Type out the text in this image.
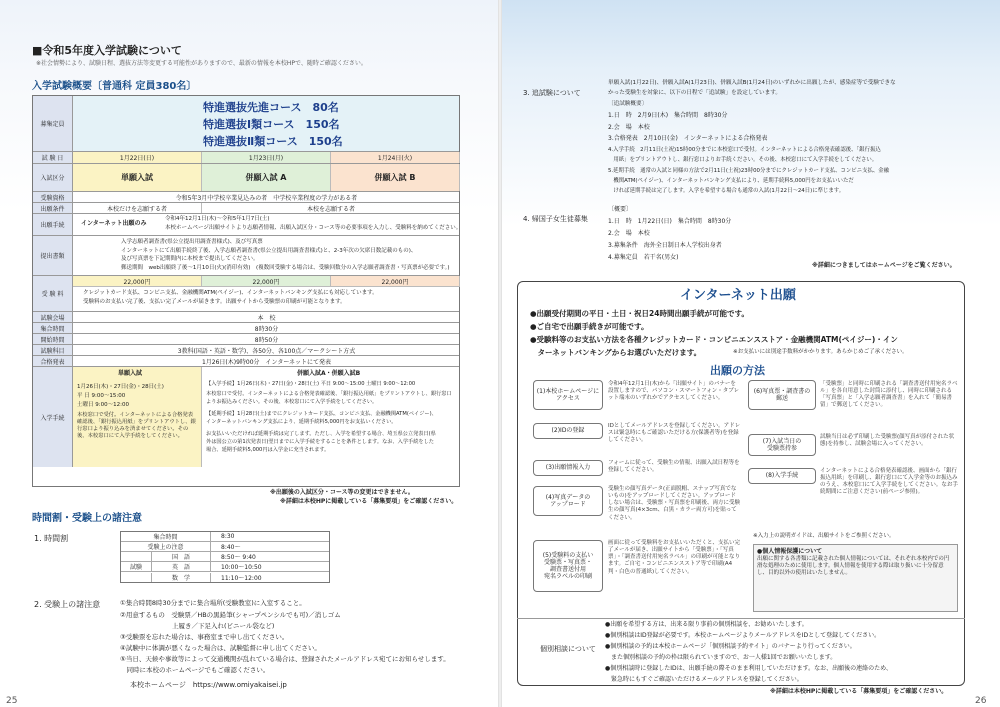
■令和5年度入学試験について
※社会情勢により、試験日程、選抜方法等変更する可能性がありますので、最新の情報を本校HPで、随時ご確認ください。
入学試験概要〔普通科 定員380名〕
募集定員
特進選抜先進コース　80名
特進選抜Ⅰ類コース　150名
特進選抜Ⅱ類コース　150名
試 験 日	1月22日(日)	1月23日(月)	1月24日(火)
入試区分	単願入試	併願入試 A	併願入試 B
受験資格	令和5年3月中学校卒業見込みの者　中学校卒業程度の学力がある者
出願条件	本校だけを志願する者	本校を志願する者
出願手続	インターネット出願のみ
令和4年12月1日(木)〜令和5年1月7日(土)
本校ホームページ出願サイトより志願者情報、出願入試区分・コース等の必要事項を入力し、受験料を納めてください。
提出書類
入学志願者調査書(県公立提出用調査書様式)、及び写真票
インターネットにて出願手続終了後、入学志願者調査書(県公立提出用調査書様式)と、2-3年次の欠席日数記載のもの)、
及び写真票を下記期間内に本校まで提出してください。
郵送期間　web出願終了後〜1月10日(火)(消印有効)　(複数回受験する場合は、受験回数分の入学志願者調査書・写真票が必要です。)
受 験 料
22,000円	22,000円	22,000円
クレジットカード支払、コンビニ支払、金融機関ATM(ペイジー)、インターネットバンキング支払にも対応しています。
受験料のお支払い完了後、支払い完了メールが届きます。出願サイトから受験票の印刷が可能となります。
試験会場	本　校
集合時間	8時30分
開始時間	8時50分
試験科目	3教科(国語・英語・数学)、各50分、各100点／マークシート方式
合格発表	1月26日(木)9時00分　インターネットにて発表
入学手続
単願入試
1月26日(木)・27日(金)・28日(土)
平 日 9:00〜15:00
土曜日 9:00〜12:00
本校窓口で受付。インターネットによる合格発表確認後、「銀行振込用紙」をプリントアウトし、銀行窓口より振り込みを済ませてください。その後、本校窓口にて入学手続をしてください。
併願入試A・併願入試B
【入学手続】1月26日(木)・27日(金)・28日(土) 平日 9:00〜15:00 土曜日 9:00〜12:00
本校窓口で受付。インターネットによる合格発表確認後、「銀行振込用紙」をプリントアウトし、銀行窓口
よりお振込みください。その後、本校窓口にて入学手続をしてください。
【延期手続】1月28日(土)までにクレジットカード支払、コンビニ支払、金融機関ATM(ペイジー)、
インターネットバンキング支払により、延期手続料5,000円をお支払いください。
お支払いいただければ延期手続は完了します。ただし、入学を希望する場合、埼玉県公立発表日(県
外は国公立の第1次発表日)翌日までに入学手続をすることを条件とします。なお、入学手続をした
場合、延期手続料5,000円は入学金に充当されます。
※出願後の入試区分・コース等の変更はできません。
※詳細は本校HPに掲載している「募集要項」をご確認ください。
時間割・受験上の諸注意
1. 時間割	集合時間	8:30
受験上の注意	8:40〜
国　語	8:50〜 9:40
試験	英　語	10:00〜10:50
数　学	11:10〜12:00
2. 受験上の諸注意	①集合時間8時30分までに集合場所(受験教室)に入室すること。
②用意するもの　受験票／HBの黒鉛筆(シャープペンシルでも可)／消しゴム
　　　　　　　　上履き／下足入れ(ビニール袋など)
③受験票を忘れた場合は、事務室まで申し出てください。
④試験中に体調が悪くなった場合は、試験監督に申し出てください。
⑤当日、天候や事故等によって交通機関が乱れている場合は、登録されたメールアドレス宛てにお知らせします。
　同時に本校のホームページでもご確認ください。
本校ホームページ　https://www.omiyakaisei.jp
25
3. 追試験について
単願入試(1月22日)、併願入試A(1月23日)、併願入試B(1月24日)のいずれかに出願したが、感染症等で受験できな
かった受験生を対象に、以下の日程で「追試験」を設定しています。
〔追試験概要〕
1.日　時　2月9日(木)　集合時間　8時30分
2.会　場　本校
3.合格発表　2月10日(金)　インターネットによる合格発表
4.入学手続　2月11日(土祝)15時00分までに本校窓口で受付。インターネットによる合格発表確認後、「銀行振込
　用紙」をプリントアウトし、銀行窓口よりお手続ください。その後、本校窓口にて入学手続をしてください。
5.延期手続　通常の入試と同様の方法で2月11日(土祝)23時00分までにクレジットカード支払、コンビニ支払、金融
　機関ATM(ペイジー)、インターネットバンキング支払により、延期手続料5,000円をお支払いいただ
　ければ延期手続は完了します。入学を希望する場合も通常の入試(1月22日〜24日)に準じます。
4. 帰国子女生徒募集
〔概要〕
1.日　時　1月22日(日)　集合時間　8時30分
2.会　場　本校
3.募集条件　海外全日制日本人学校出身者
4.募集定員　若干名(男女)
※詳細につきましてはホームページをご覧ください。
インターネット出願
●出願受付期間の平日・土日・祝日24時間出願手続が可能です。
●ご自宅で出願手続きが可能です。
●受験料等のお支払い方法を各種クレジットカード・コンビニエンスストア・金融機関ATM(ペイジー)・イン
　ターネットバンキングからお選びいただけます。	※お支払いには別途手数料がかかります。あらかじめご了承ください。
出願の方法
(1)本校ホームページに
アクセス
令和4年12月1日(木)から「出願サイト」のバナーを設置しますので、パソコン・スマートフォン・タブレット端末のいずれかでアクセスしてください。
(2)IDの登録
IDとしてメールアドレスを登録してください。アドレスは緊急時にもご確認いただける方(保護者等)を登録してください。
(3)出願情報入力
フォームに従って、受験生の情報、出願入試日程等を登録してください。
(4)写真データの
アップロード
受験生の顔写真データ(正面脱帽、スナップ写真でないもの)をアップロードしてください。アップロードしない場合は、受験票・写真票を印刷後、両方に受験生の顔写真(4×3cm、白黒・カラー両方可)を貼ってください。
(5)受験料の支払い
受験票・写真票・
調査書送付用
宛名ラベルの印刷
画面に従って受験料をお支払いいただくと、支払い完了メールが届き、出願サイトから「受験票」・「写真票」・「調査書送付用宛名ラベル」の印刷が可能となります。ご自宅・コンビニエンスストア等で印刷(A4判・白色の普通紙)してください。
(6)写真票・調査書の
郵送
「受験票」と同時に印刷される「調査書送付用宛名ラベル」を各自用意した封筒に添付し、同時に印刷される「写真票」と「入学志願者調査書」を入れて「簡易書留」で郵送してください。
(7)入試当日の
受験票持参
試験当日は必ず印刷した受験票(顔写真が添付された状態)を持参し、試験会場に入ってください。
(8)入学手続
インターネットによる合格発表確認後、画面から「銀行振込用紙」を印刷し、銀行窓口にて入学金等のお振込みのうえ、本校窓口にて入学手続をしてください。なお手続期間にご注意ください(前ページ参照)。
※入力上の説明ガイドは、出願サイトをご参照ください。
●個人情報保護について
出願に関する各書類に記載された個人情報については、それぞれ本校内での円滑な処理のために使用します。個人情報を使用する際は取り扱いに十分留意し、目的以外の使用はいたしません。
個別相談について
●出願を希望する方は、出来る限り事前の個別相談を、お勧めいたします。
●個別相談はID登録が必要です。本校ホームページよりメールアドレスをIDとして登録してください。
●個別相談の予約は本校ホームページ「個別相談予約サイト」のバナーより行ってください。
　また個別相談の予約の枠は限られていますので、お一人様1回でお願いいたします。
●個別相談時に登録したIDは、出願手続の際そのまま利用していただけます。なお、出願後の連絡のため、
　緊急時にもすぐご確認いただけるメールアドレスを登録してください。
※詳細は本校HPに掲載している「募集要項」をご確認ください。
26
